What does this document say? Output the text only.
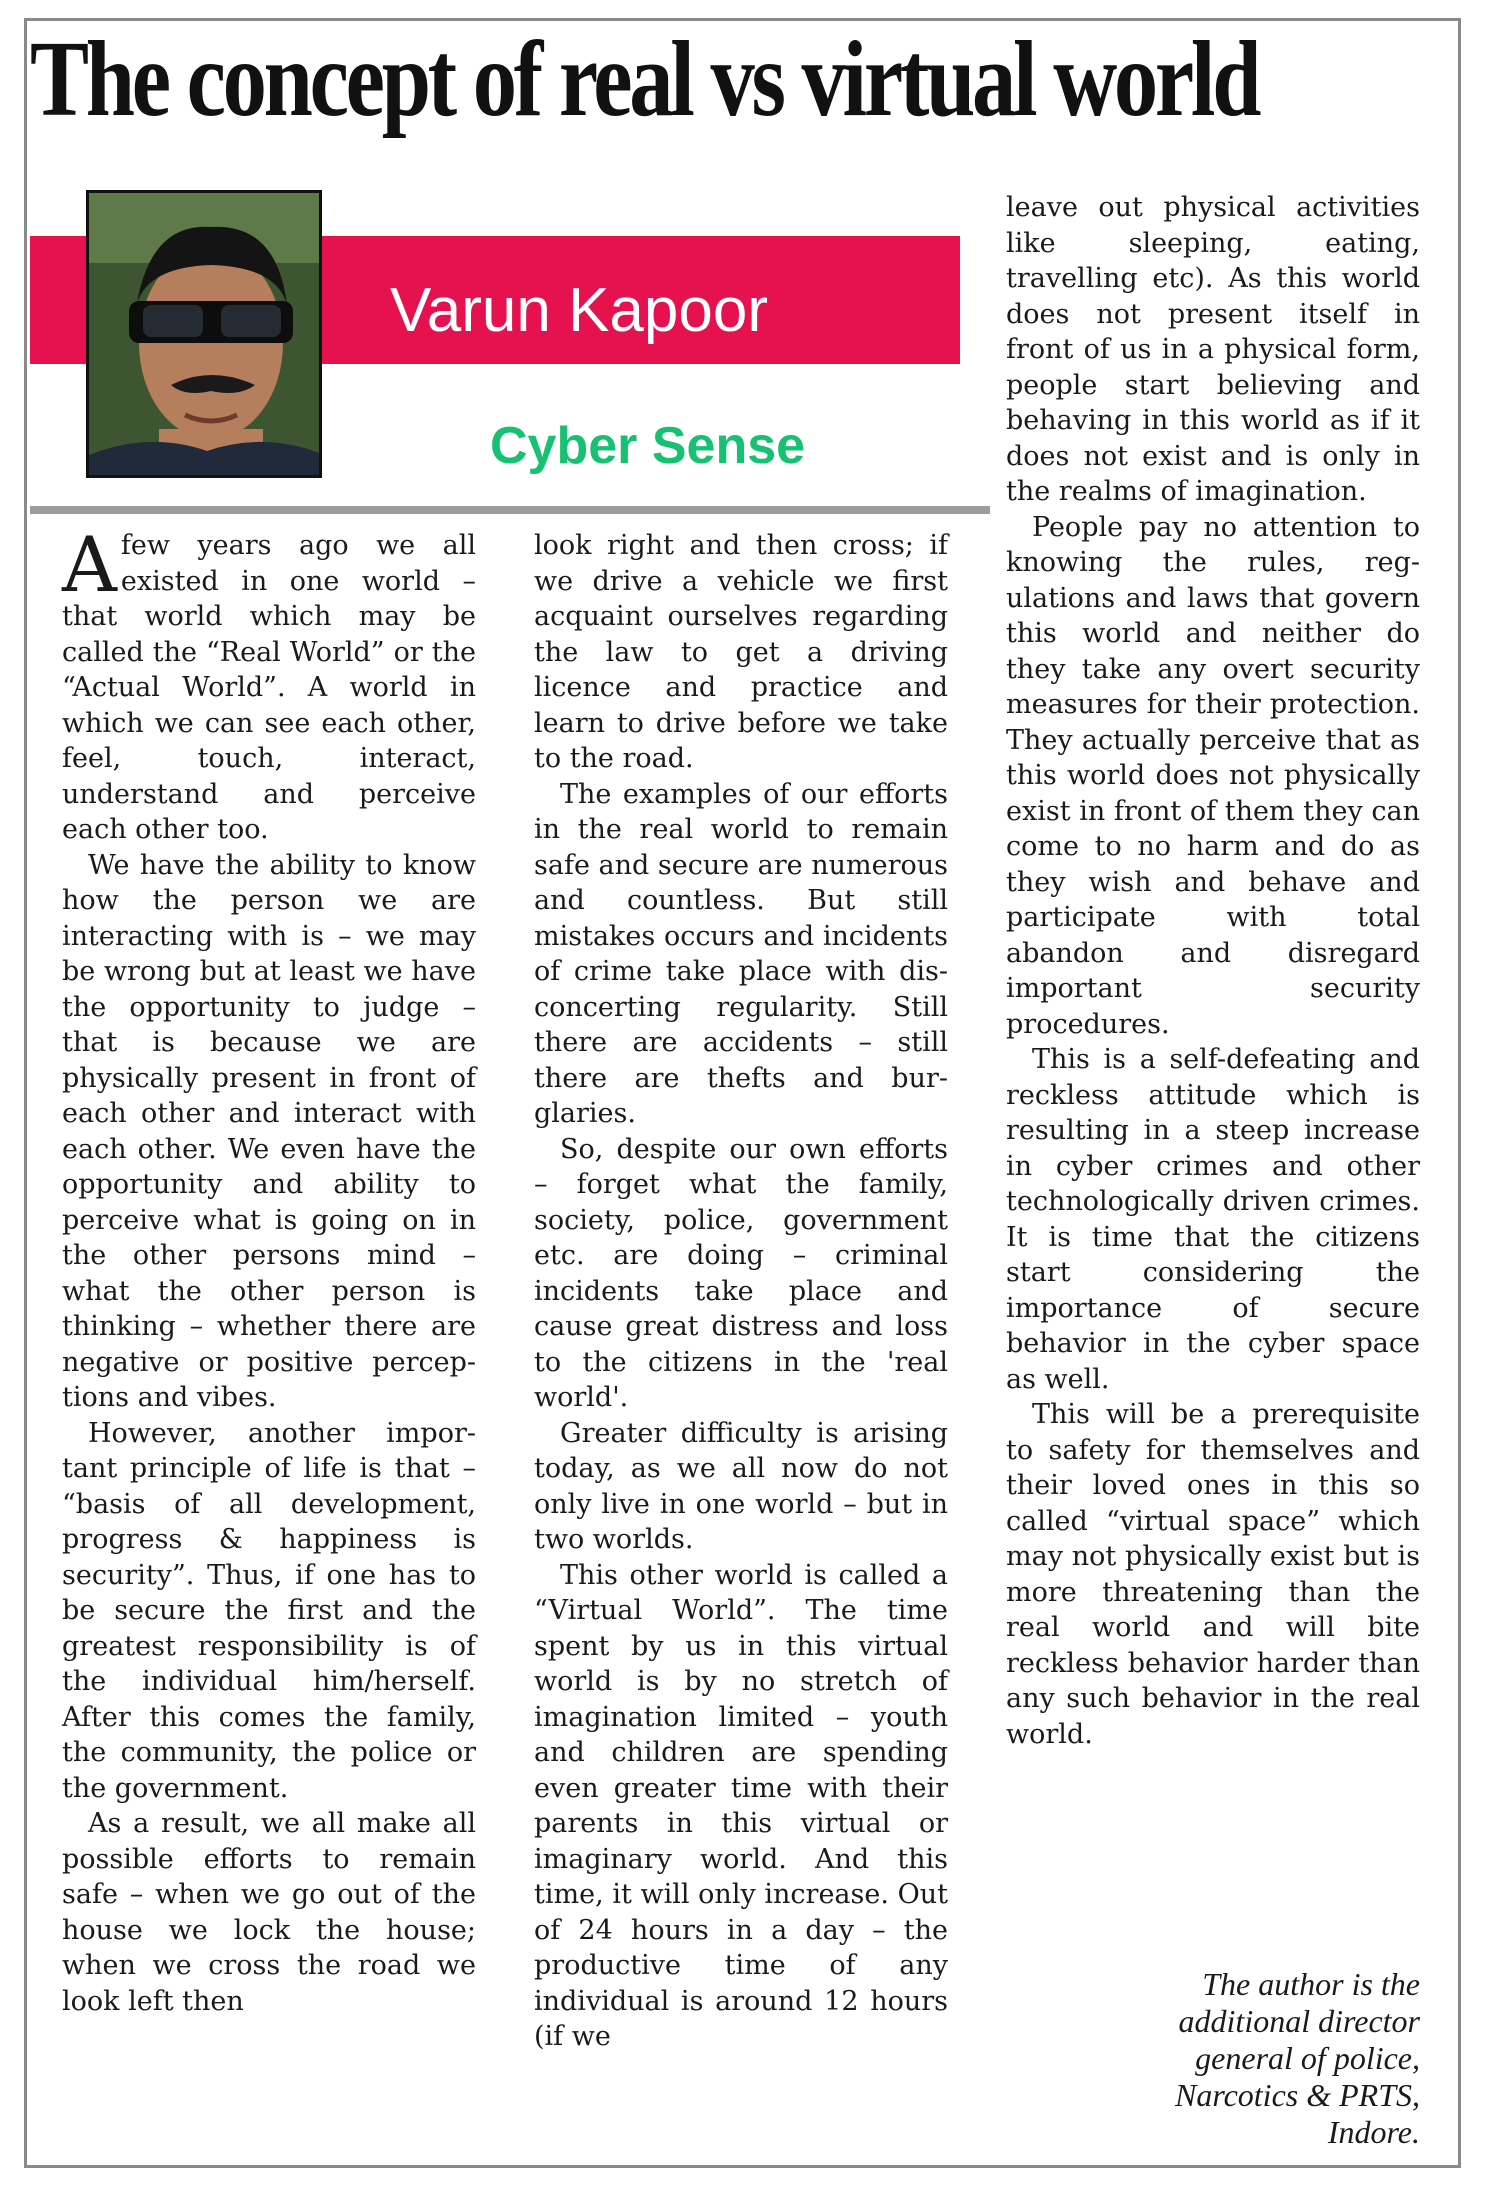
The concept of real vs virtual world
Varun Kapoor
Cyber Sense

Afew years ago we all existed in one world – that world which may be called the “Real World” or the “Actual World”. A world in which we can see each other, feel, touch, interact, understand and perceive each other too.

We have the ability to know how the person we are interacting with is – we may be wrong but at least we have the opportunity to judge – that is because we are physically present in front of each other and interact with each other. We even have the opportunity and ability to perceive what is going on in the other persons mind – what the other person is thinking – whether there are negative or positive perceptions and vibes.

However, another important principle of life is that – “basis of all development, progress & happiness is security”. Thus, if one has to be secure the first and the greatest responsibility is of the individual him/herself. After this comes the family, the community, the police or the government.

As a result, we all make all possible efforts to remain safe – when we go out of the house we lock the house; when we cross the road we look left then

look right and then cross; if we drive a vehicle we first acquaint ourselves regarding the law to get a driving licence and practice and learn to drive before we take to the road.

The examples of our efforts in the real world to remain safe and secure are numerous and countless. But still mistakes occurs and incidents of crime take place with disconcerting regularity. Still there are accidents – still there are thefts and burglaries.

So, despite our own efforts – forget what the family, society, police, government etc. are doing – criminal incidents take place and cause great distress and loss to the citizens in the 'real world'.

Greater difficulty is arising today, as we all now do not only live in one world – but in two worlds.

This other world is called a “Virtual World”. The time spent by us in this virtual world is by no stretch of imagination limited – youth and children are spending even greater time with their parents in this virtual or imaginary world. And this time, it will only increase. Out of 24 hours in a day – the productive time of any individual is around 12 hours (if we

leave out physical activities like sleeping, eating, travelling etc). As this world does not present itself in front of us in a physical form, people start believing and behaving in this world as if it does not exist and is only in the realms of imagination.

People pay no attention to knowing the rules, regulations and laws that govern this world and neither do they take any overt security measures for their protection. They actually perceive that as this world does not physically exist in front of them they can come to no harm and do as they wish and behave and participate with total abandon and disregard important security procedures.

This is a self-defeating and reckless attitude which is resulting in a steep increase in cyber crimes and other technologically driven crimes. It is time that the citizens start considering the importance of secure behavior in the cyber space as well.

This will be a prerequisite to safety for themselves and their loved ones in this so called “virtual space” which may not physically exist but is more threatening than the real world and will bite reckless behavior harder than any such behavior in the real world.

The author is the
additional director
general of police,
Narcotics & PRTS,
Indore.
